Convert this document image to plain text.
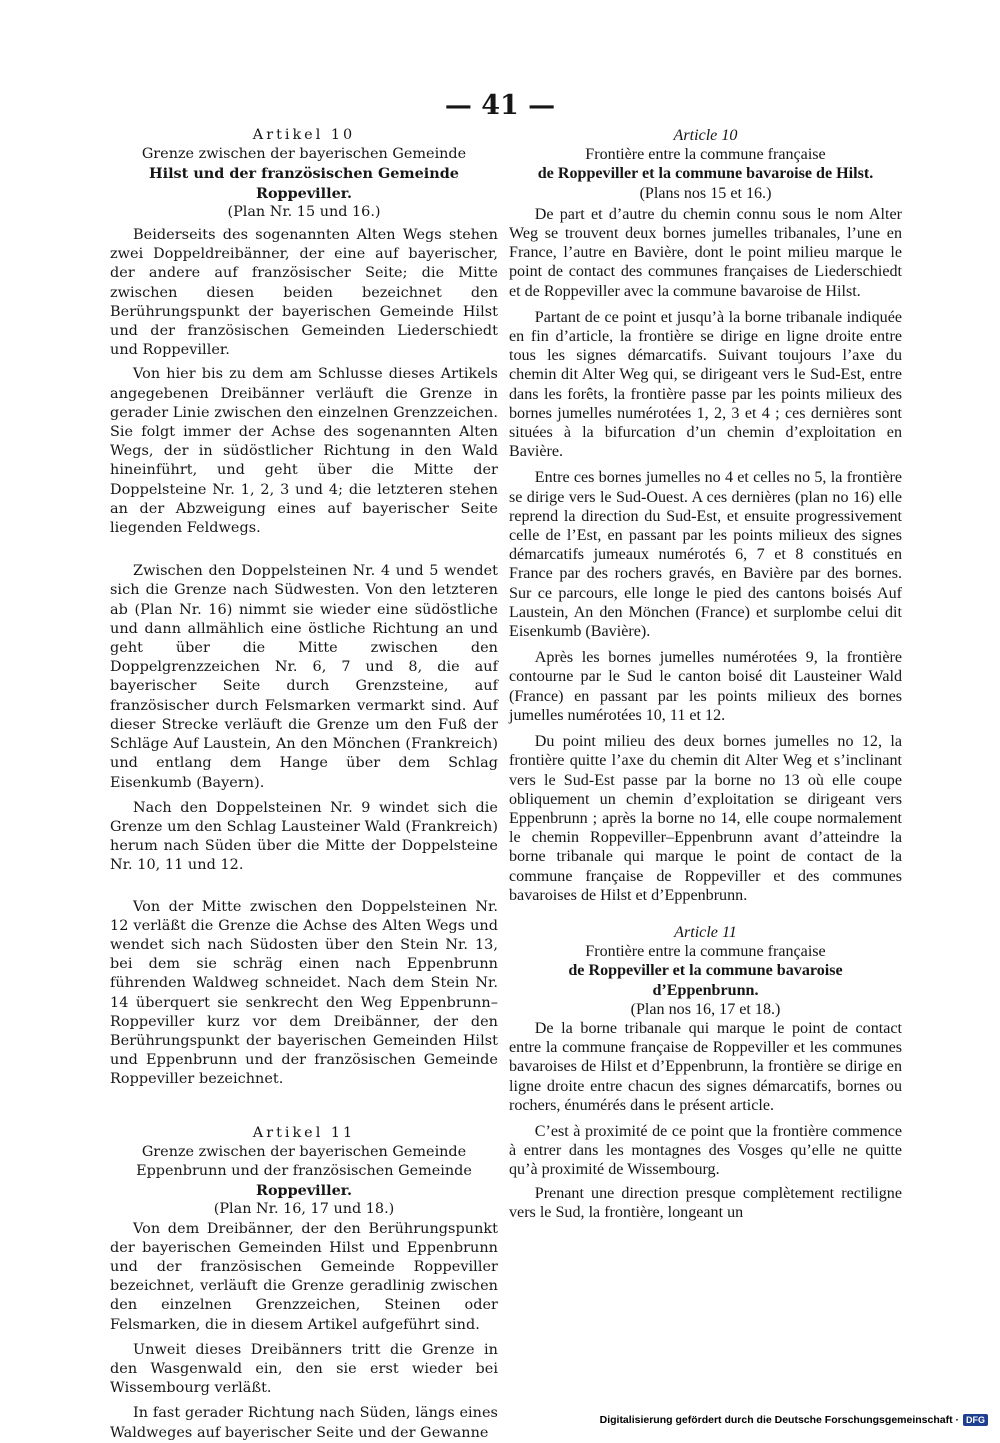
— 41 —
Artikel 10
Grenze zwischen der bayerischen Gemeinde
Hilst und der französischen Gemeinde Roppeviller.
(Plan Nr. 15 und 16.)

Beiderseits des sogenannten Alten Wegs stehen zwei Doppeldreibänner, der eine auf bayerischer, der andere auf französischer Seite; die Mitte zwischen diesen beiden bezeichnet den Berührungspunkt der bayerischen Gemeinde Hilst und der französischen Gemeinden Liederschiedt und Roppeviller.

Von hier bis zu dem am Schlusse dieses Artikels angegebenen Dreibänner verläuft die Grenze in gerader Linie zwischen den einzelnen Grenzzeichen. Sie folgt immer der Achse des sogenannten Alten Wegs, der in südöstlicher Richtung in den Wald hineinführt, und geht über die Mitte der Doppelsteine Nr. 1, 2, 3 und 4; die letzteren stehen an der Abzweigung eines auf bayerischer Seite liegenden Feldwegs.

Zwischen den Doppelsteinen Nr. 4 und 5 wendet sich die Grenze nach Südwesten. Von den letzteren ab (Plan Nr. 16) nimmt sie wieder eine südöstliche und dann allmählich eine östliche Richtung an und geht über die Mitte zwischen den Doppelgrenzzeichen Nr. 6, 7 und 8, die auf bayerischer Seite durch Grenzsteine, auf französischer durch Felsmarken vermarkt sind. Auf dieser Strecke verläuft die Grenze um den Fuß der Schläge Auf Laustein, An den Mönchen (Frankreich) und entlang dem Hange über dem Schlag Eisenkumb (Bayern).

Nach den Doppelsteinen Nr. 9 windet sich die Grenze um den Schlag Lausteiner Wald (Frankreich) herum nach Süden über die Mitte der Doppelsteine Nr. 10, 11 und 12.

Von der Mitte zwischen den Doppelsteinen Nr. 12 verläßt die Grenze die Achse des Alten Wegs und wendet sich nach Südosten über den Stein Nr. 13, bei dem sie schräg einen nach Eppenbrunn führenden Waldweg schneidet. Nach dem Stein Nr. 14 überquert sie senkrecht den Weg Eppenbrunn–Roppeviller kurz vor dem Dreibänner, der den Berührungspunkt der bayerischen Gemeinden Hilst und Eppenbrunn und der französischen Gemeinde Roppeviller bezeichnet.

Artikel 11
Grenze zwischen der bayerischen Gemeinde
Eppenbrunn und der französischen Gemeinde
Roppeviller.
(Plan Nr. 16, 17 und 18.)

Von dem Dreibänner, der den Berührungspunkt der bayerischen Gemeinden Hilst und Eppenbrunn und der französischen Gemeinde Roppeviller bezeichnet, verläuft die Grenze geradlinig zwischen den einzelnen Grenzzeichen, Steinen oder Felsmarken, die in diesem Artikel aufgeführt sind.

Unweit dieses Dreibänners tritt die Grenze in den Wasgenwald ein, den sie erst wieder bei Wissembourg verläßt.

In fast gerader Richtung nach Süden, längs eines Waldweges auf bayerischer Seite und der Gewanne

Article 10
Frontière entre la commune française
de Roppeviller et la commune bavaroise de Hilst.
(Plans nos 15 et 16.)

De part et d’autre du chemin connu sous le nom Alter Weg se trouvent deux bornes jumelles tribanales, l’une en France, l’autre en Bavière, dont le point milieu marque le point de contact des communes françaises de Liederschiedt et de Roppeviller avec la commune bavaroise de Hilst.

Partant de ce point et jusqu’à la borne tribanale indiquée en fin d’article, la frontière se dirige en ligne droite entre tous les signes démarcatifs. Suivant toujours l’axe du chemin dit Alter Weg qui, se dirigeant vers le Sud-Est, entre dans les forêts, la frontière passe par les points milieux des bornes jumelles numérotées 1, 2, 3 et 4 ; ces dernières sont situées à la bifurcation d’un chemin d’exploitation en Bavière.

Entre ces bornes jumelles no 4 et celles no 5, la frontière se dirige vers le Sud-Ouest. A ces dernières (plan no 16) elle reprend la direction du Sud-Est, et ensuite progressivement celle de l’Est, en passant par les points milieux des signes démarcatifs jumeaux numérotés 6, 7 et 8 constitués en France par des rochers gravés, en Bavière par des bornes. Sur ce parcours, elle longe le pied des cantons boisés Auf Laustein, An den Mönchen (France) et surplombe celui dit Eisenkumb (Bavière).

Après les bornes jumelles numérotées 9, la frontière contourne par le Sud le canton boisé dit Lausteiner Wald (France) en passant par les points milieux des bornes jumelles numérotées 10, 11 et 12.

Du point milieu des deux bornes jumelles no 12, la frontière quitte l’axe du chemin dit Alter Weg et s’inclinant vers le Sud-Est passe par la borne no 13 où elle coupe obliquement un chemin d’exploitation se dirigeant vers Eppenbrunn ; après la borne no 14, elle coupe normalement le chemin Roppeviller–Eppenbrunn avant d’atteindre la borne tribanale qui marque le point de contact de la commune française de Roppeviller et des communes bavaroises de Hilst et d’Eppenbrunn.

Article 11
Frontière entre la commune française
de Roppeviller et la commune bavaroise
d’Eppenbrunn.
(Plan nos 16, 17 et 18.)

De la borne tribanale qui marque le point de contact entre la commune française de Roppeviller et les communes bavaroises de Hilst et d’Eppenbrunn, la frontière se dirige en ligne droite entre chacun des signes démarcatifs, bornes ou rochers, énumérés dans le présent article.

C’est à proximité de ce point que la frontière commence à entrer dans les montagnes des Vosges qu’elle ne quitte qu’à proximité de Wissembourg.

Prenant une direction presque complètement rectiligne vers le Sud, la frontière, longeant un

Digitalisierung gefördert durch die Deutsche Forschungsgemeinschaft · DFG
